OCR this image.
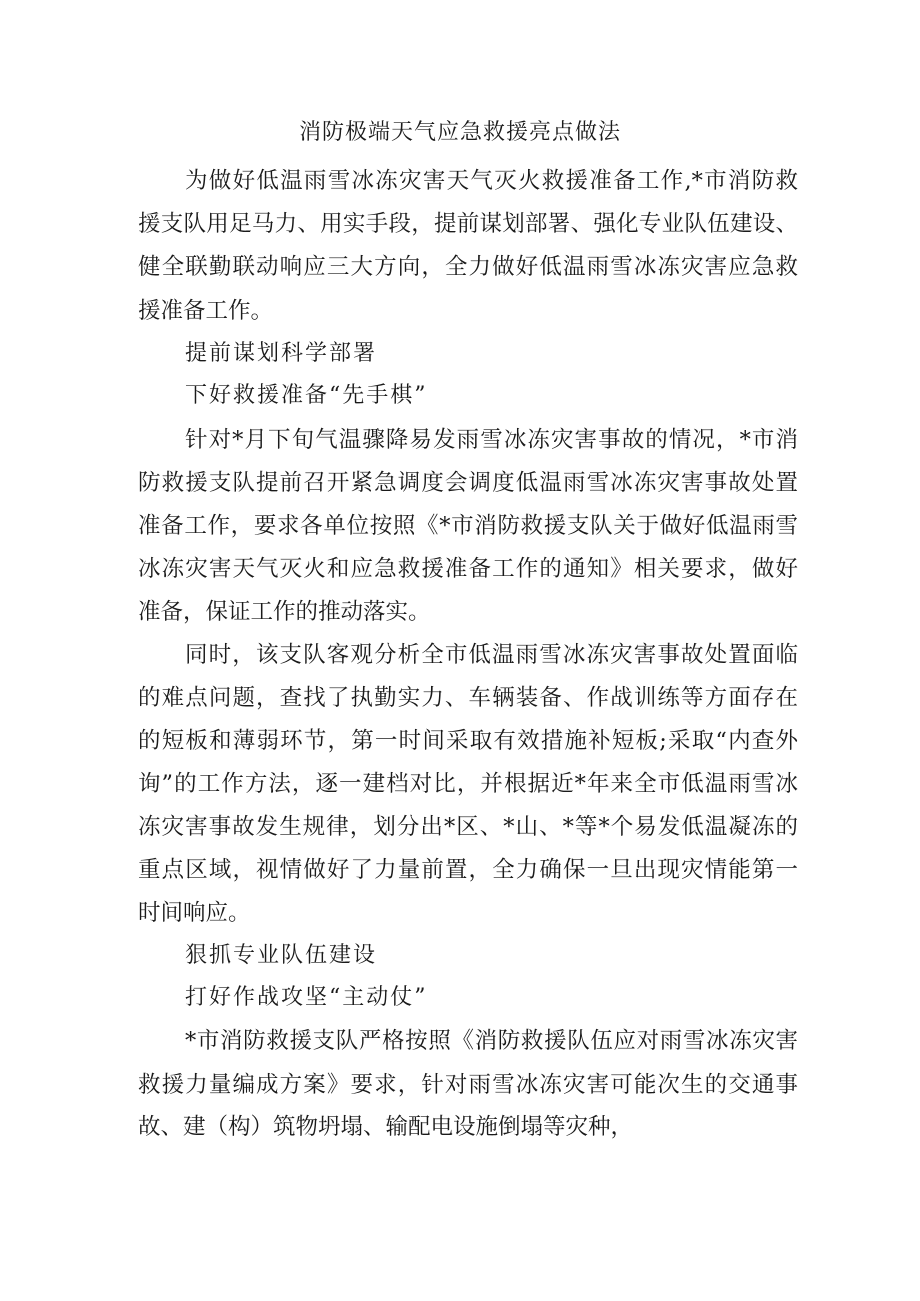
消防极端天气应急救援亮点做法
为做好低温雨雪冰冻灾害天气灭火救援准备工作,*市消防救
援支队用足马力、用实手段，提前谋划部署、强化专业队伍建设、
健全联勤联动响应三大方向，全力做好低温雨雪冰冻灾害应急救
援准备工作。
提前谋划科学部署
下好救援准备“先手棋”
针对*月下旬气温骤降易发雨雪冰冻灾害事故的情况，*市消
防救援支队提前召开紧急调度会调度低温雨雪冰冻灾害事故处置
准备工作，要求各单位按照《*市消防救援支队关于做好低温雨雪
冰冻灾害天气灭火和应急救援准备工作的通知》相关要求，做好
准备，保证工作的推动落实。
同时，该支队客观分析全市低温雨雪冰冻灾害事故处置面临
的难点问题，查找了执勤实力、车辆装备、作战训练等方面存在
的短板和薄弱环节，第一时间采取有效措施补短板;采取“内查外
询”的工作方法，逐一建档对比，并根据近*年来全市低温雨雪冰
冻灾害事故发生规律，划分出*区、*山、*等*个易发低温凝冻的
重点区域，视情做好了力量前置，全力确保一旦出现灾情能第一
时间响应。
狠抓专业队伍建设
打好作战攻坚“主动仗”
*市消防救援支队严格按照《消防救援队伍应对雨雪冰冻灾害
救援力量编成方案》要求，针对雨雪冰冻灾害可能次生的交通事
故、建（构）筑物坍塌、输配电设施倒塌等灾种，
